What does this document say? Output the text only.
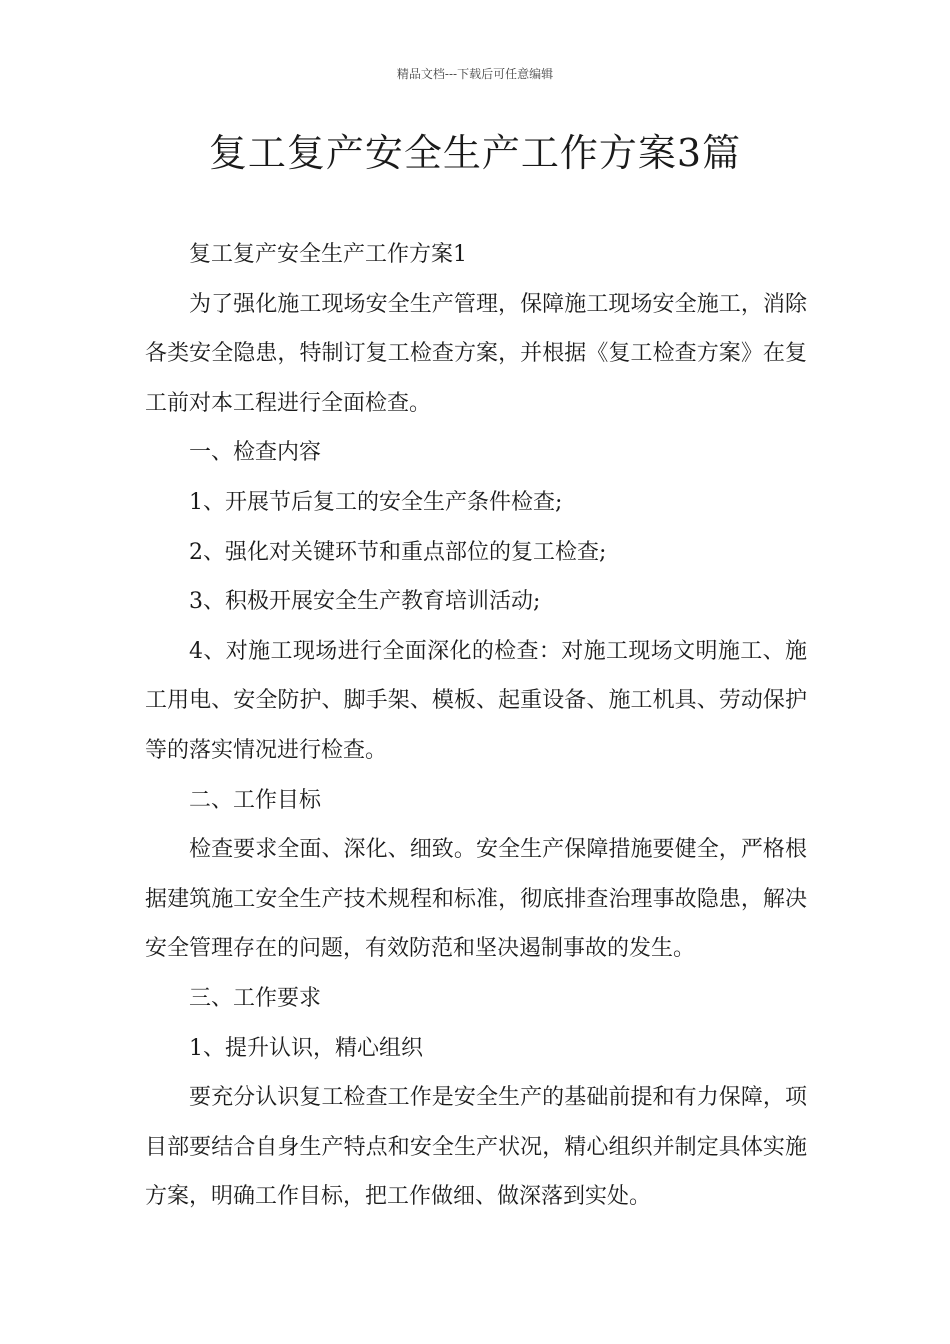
精品文档---下载后可任意编辑
复工复产安全生产工作方案3篇

复工复产安全生产工作方案1

为了强化施工现场安全生产管理，保障施工现场安全施工，消除各类安全隐患，特制订复工检查方案，并根据《复工检查方案》在复工前对本工程进行全面检查。

一、检查内容

1、开展节后复工的安全生产条件检查;

2、强化对关键环节和重点部位的复工检查;

3、积极开展安全生产教育培训活动;

4、对施工现场进行全面深化的检查：对施工现场文明施工、施工用电、安全防护、脚手架、模板、起重设备、施工机具、劳动保护等的落实情况进行检查。

二、工作目标

检查要求全面、深化、细致。安全生产保障措施要健全，严格根据建筑施工安全生产技术规程和标准，彻底排查治理事故隐患，解决安全管理存在的问题，有效防范和坚决遏制事故的发生。

三、工作要求

1、提升认识，精心组织

要充分认识复工检查工作是安全生产的基础前提和有力保障，项目部要结合自身生产特点和安全生产状况，精心组织并制定具体实施方案，明确工作目标，把工作做细、做深落到实处。
